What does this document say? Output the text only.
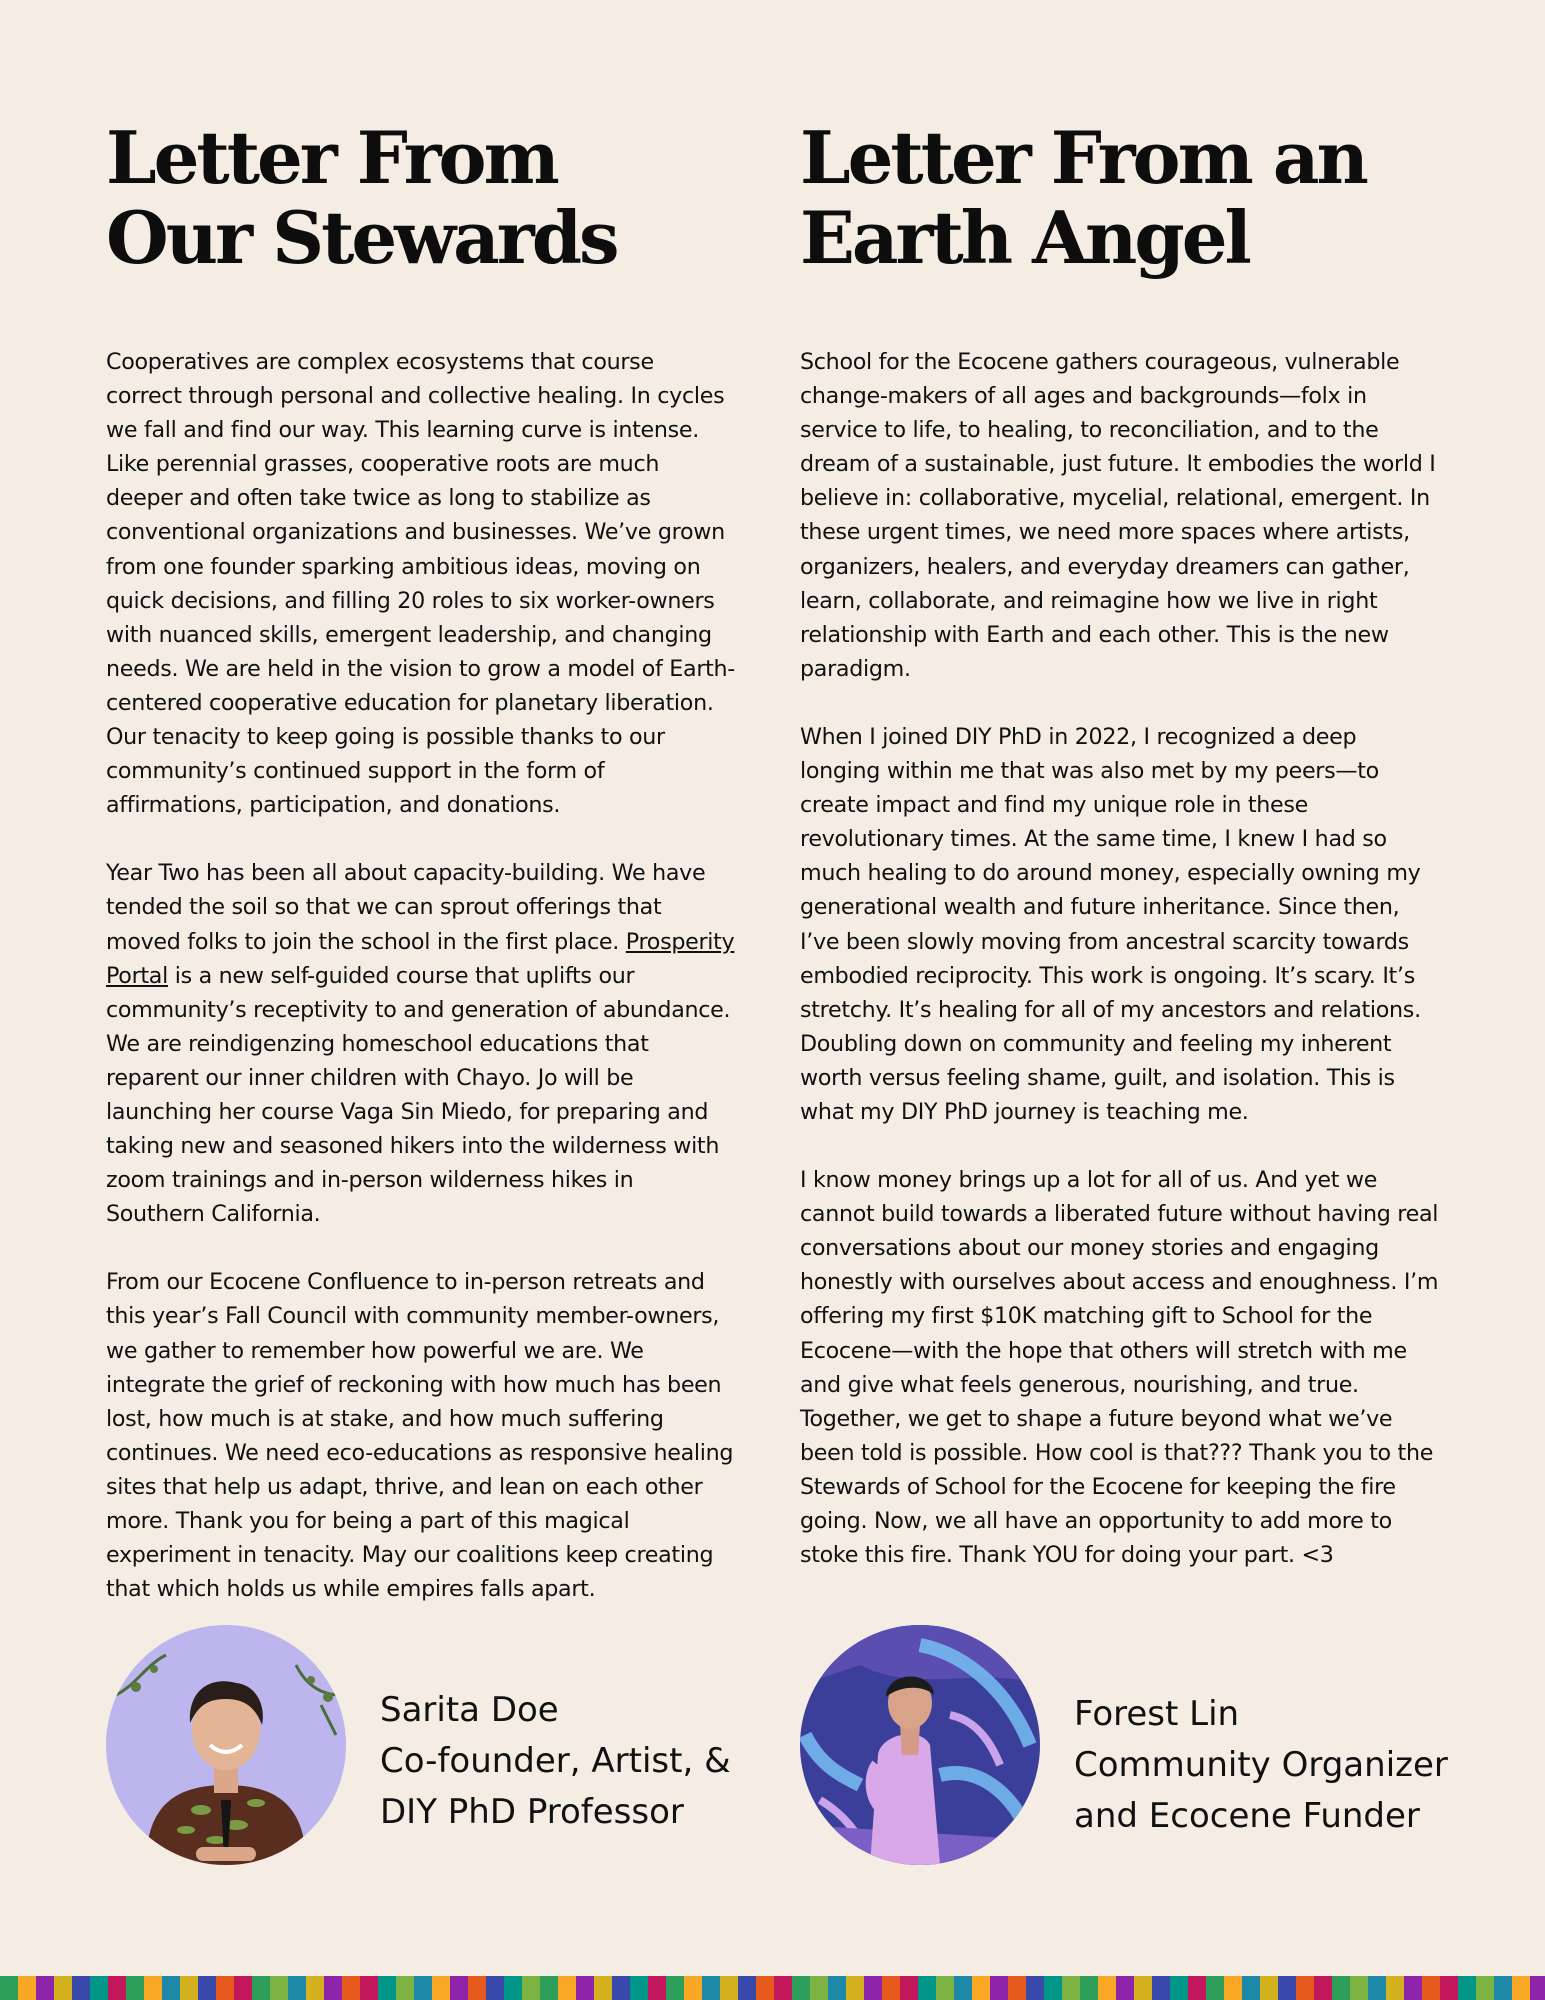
Letter From
Our Stewards

Cooperatives are complex ecosystems that course correct through personal and collective healing. In cycles we fall and find our way. This learning curve is intense. Like perennial grasses, cooperative roots are much deeper and often take twice as long to stabilize as conventional organizations and businesses. We’ve grown from one founder sparking ambitious ideas, moving on quick decisions, and filling 20 roles to six worker-owners with nuanced skills, emergent leadership, and changing needs. We are held in the vision to grow a model of Earth-centered cooperative education for planetary liberation. Our tenacity to keep going is possible thanks to our community’s continued support in the form of affirmations, participation, and donations.

Year Two has been all about capacity-building. We have tended the soil so that we can sprout offerings that moved folks to join the school in the first place. Prosperity Portal is a new self-guided course that uplifts our community’s receptivity to and generation of abundance. We are reindigenzing homeschool educations that reparent our inner children with Chayo. Jo will be launching her course Vaga Sin Miedo, for preparing and taking new and seasoned hikers into the wilderness with zoom trainings and in-person wilderness hikes in Southern California.

From our Ecocene Confluence to in-person retreats and this year’s Fall Council with community member-owners, we gather to remember how powerful we are. We integrate the grief of reckoning with how much has been lost, how much is at stake, and how much suffering continues. We need eco-educations as responsive healing sites that help us adapt, thrive, and lean on each other more. Thank you for being a part of this magical experiment in tenacity. May our coalitions keep creating that which holds us while empires falls apart.

Letter From an
Earth Angel

School for the Ecocene gathers courageous, vulnerable change-makers of all ages and backgrounds—folx in service to life, to healing, to reconciliation, and to the dream of a sustainable, just future. It embodies the world I believe in: collaborative, mycelial, relational, emergent. In these urgent times, we need more spaces where artists, organizers, healers, and everyday dreamers can gather, learn, collaborate, and reimagine how we live in right relationship with Earth and each other. This is the new paradigm.

When I joined DIY PhD in 2022, I recognized a deep longing within me that was also met by my peers—to create impact and find my unique role in these revolutionary times. At the same time, I knew I had so much healing to do around money, especially owning my generational wealth and future inheritance. Since then, I’ve been slowly moving from ancestral scarcity towards embodied reciprocity. This work is ongoing. It’s scary. It’s stretchy. It’s healing for all of my ancestors and relations. Doubling down on community and feeling my inherent worth versus feeling shame, guilt, and isolation. This is what my DIY PhD journey is teaching me.

I know money brings up a lot for all of us. And yet we cannot build towards a liberated future without having real conversations about our money stories and engaging honestly with ourselves about access and enoughness. I’m offering my first $10K matching gift to School for the Ecocene—with the hope that others will stretch with me and give what feels generous, nourishing, and true. Together, we get to shape a future beyond what we’ve been told is possible. How cool is that??? Thank you to the Stewards of School for the Ecocene for keeping the fire going. Now, we all have an opportunity to add more to stoke this fire. Thank YOU for doing your part. <3

Sarita Doe
Co-founder, Artist, &
DIY PhD Professor
Forest Lin
Community Organizer
and Ecocene Funder
